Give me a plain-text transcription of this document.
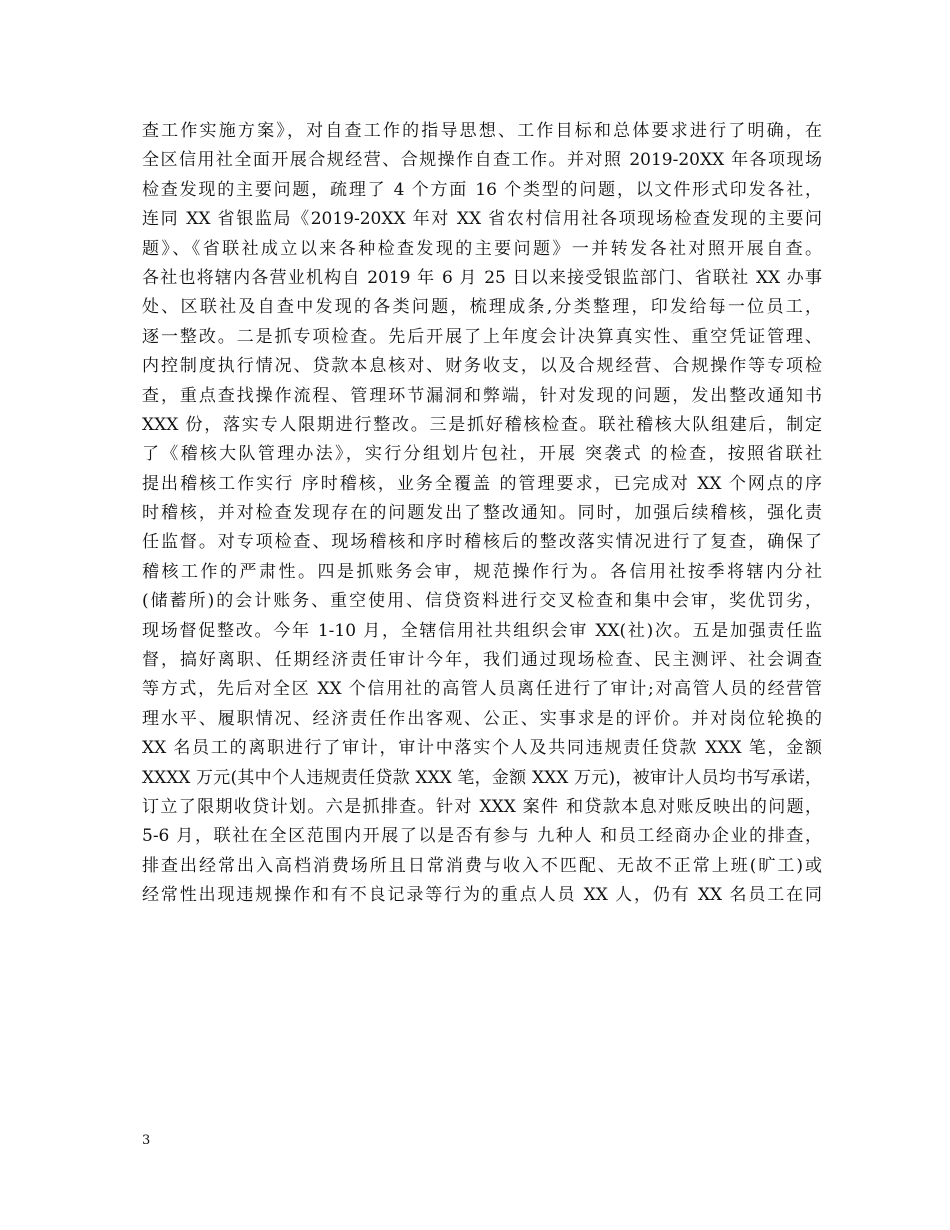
查工作实施方案》，对自查工作的指导思想、工作目标和总体要求进行了明确，在
全区信用社全面开展合规经营、合规操作自查工作。并对照 2019-20XX 年各项现场
检查发现的主要问题，疏理了 4 个方面 16 个类型的问题，以文件形式印发各社，
连同 XX 省银监局《2019-20XX 年对 XX 省农村信用社各项现场检查发现的主要问
题》、《省联社成立以来各种检查发现的主要问题》一并转发各社对照开展自查。
各社也将辖内各营业机构自 2019 年 6 月 25 日以来接受银监部门、省联社 XX 办事
处、区联社及自查中发现的各类问题，梳理成条,分类整理，印发给每一位员工，
逐一整改。二是抓专项检查。先后开展了上年度会计决算真实性、重空凭证管理、
内控制度执行情况、贷款本息核对、财务收支，以及合规经营、合规操作等专项检
查，重点查找操作流程、管理环节漏洞和弊端，针对发现的问题，发出整改通知书
XXX 份，落实专人限期进行整改。三是抓好稽核检查。联社稽核大队组建后，制定
了《稽核大队管理办法》，实行分组划片包社，开展 突袭式 的检查，按照省联社
提出稽核工作实行 序时稽核，业务全覆盖 的管理要求，已完成对 XX 个网点的序
时稽核，并对检查发现存在的问题发出了整改通知。同时，加强后续稽核，强化责
任监督。对专项检查、现场稽核和序时稽核后的整改落实情况进行了复查，确保了
稽核工作的严肃性。四是抓账务会审，规范操作行为。各信用社按季将辖内分社
(储蓄所)的会计账务、重空使用、信贷资料进行交叉检查和集中会审，奖优罚劣，
现场督促整改。今年 1-10 月，全辖信用社共组织会审 XX(社)次。五是加强责任监
督，搞好离职、任期经济责任审计今年，我们通过现场检查、民主测评、社会调查
等方式，先后对全区 XX 个信用社的高管人员离任进行了审计;对高管人员的经营管
理水平、履职情况、经济责任作出客观、公正、实事求是的评价。并对岗位轮换的
XX 名员工的离职进行了审计，审计中落实个人及共同违规责任贷款 XXX 笔，金额
XXXX 万元(其中个人违规责任贷款 XXX 笔，金额 XXX 万元)，被审计人员均书写承诺，
订立了限期收贷计划。六是抓排查。针对 XXX 案件 和贷款本息对账反映出的问题，
5-6 月，联社在全区范围内开展了以是否有参与 九种人 和员工经商办企业的排查，
排查出经常出入高档消费场所且日常消费与收入不匹配、无故不正常上班(旷工)或
经常性出现违规操作和有不良记录等行为的重点人员 XX 人，仍有 XX 名员工在同
3
